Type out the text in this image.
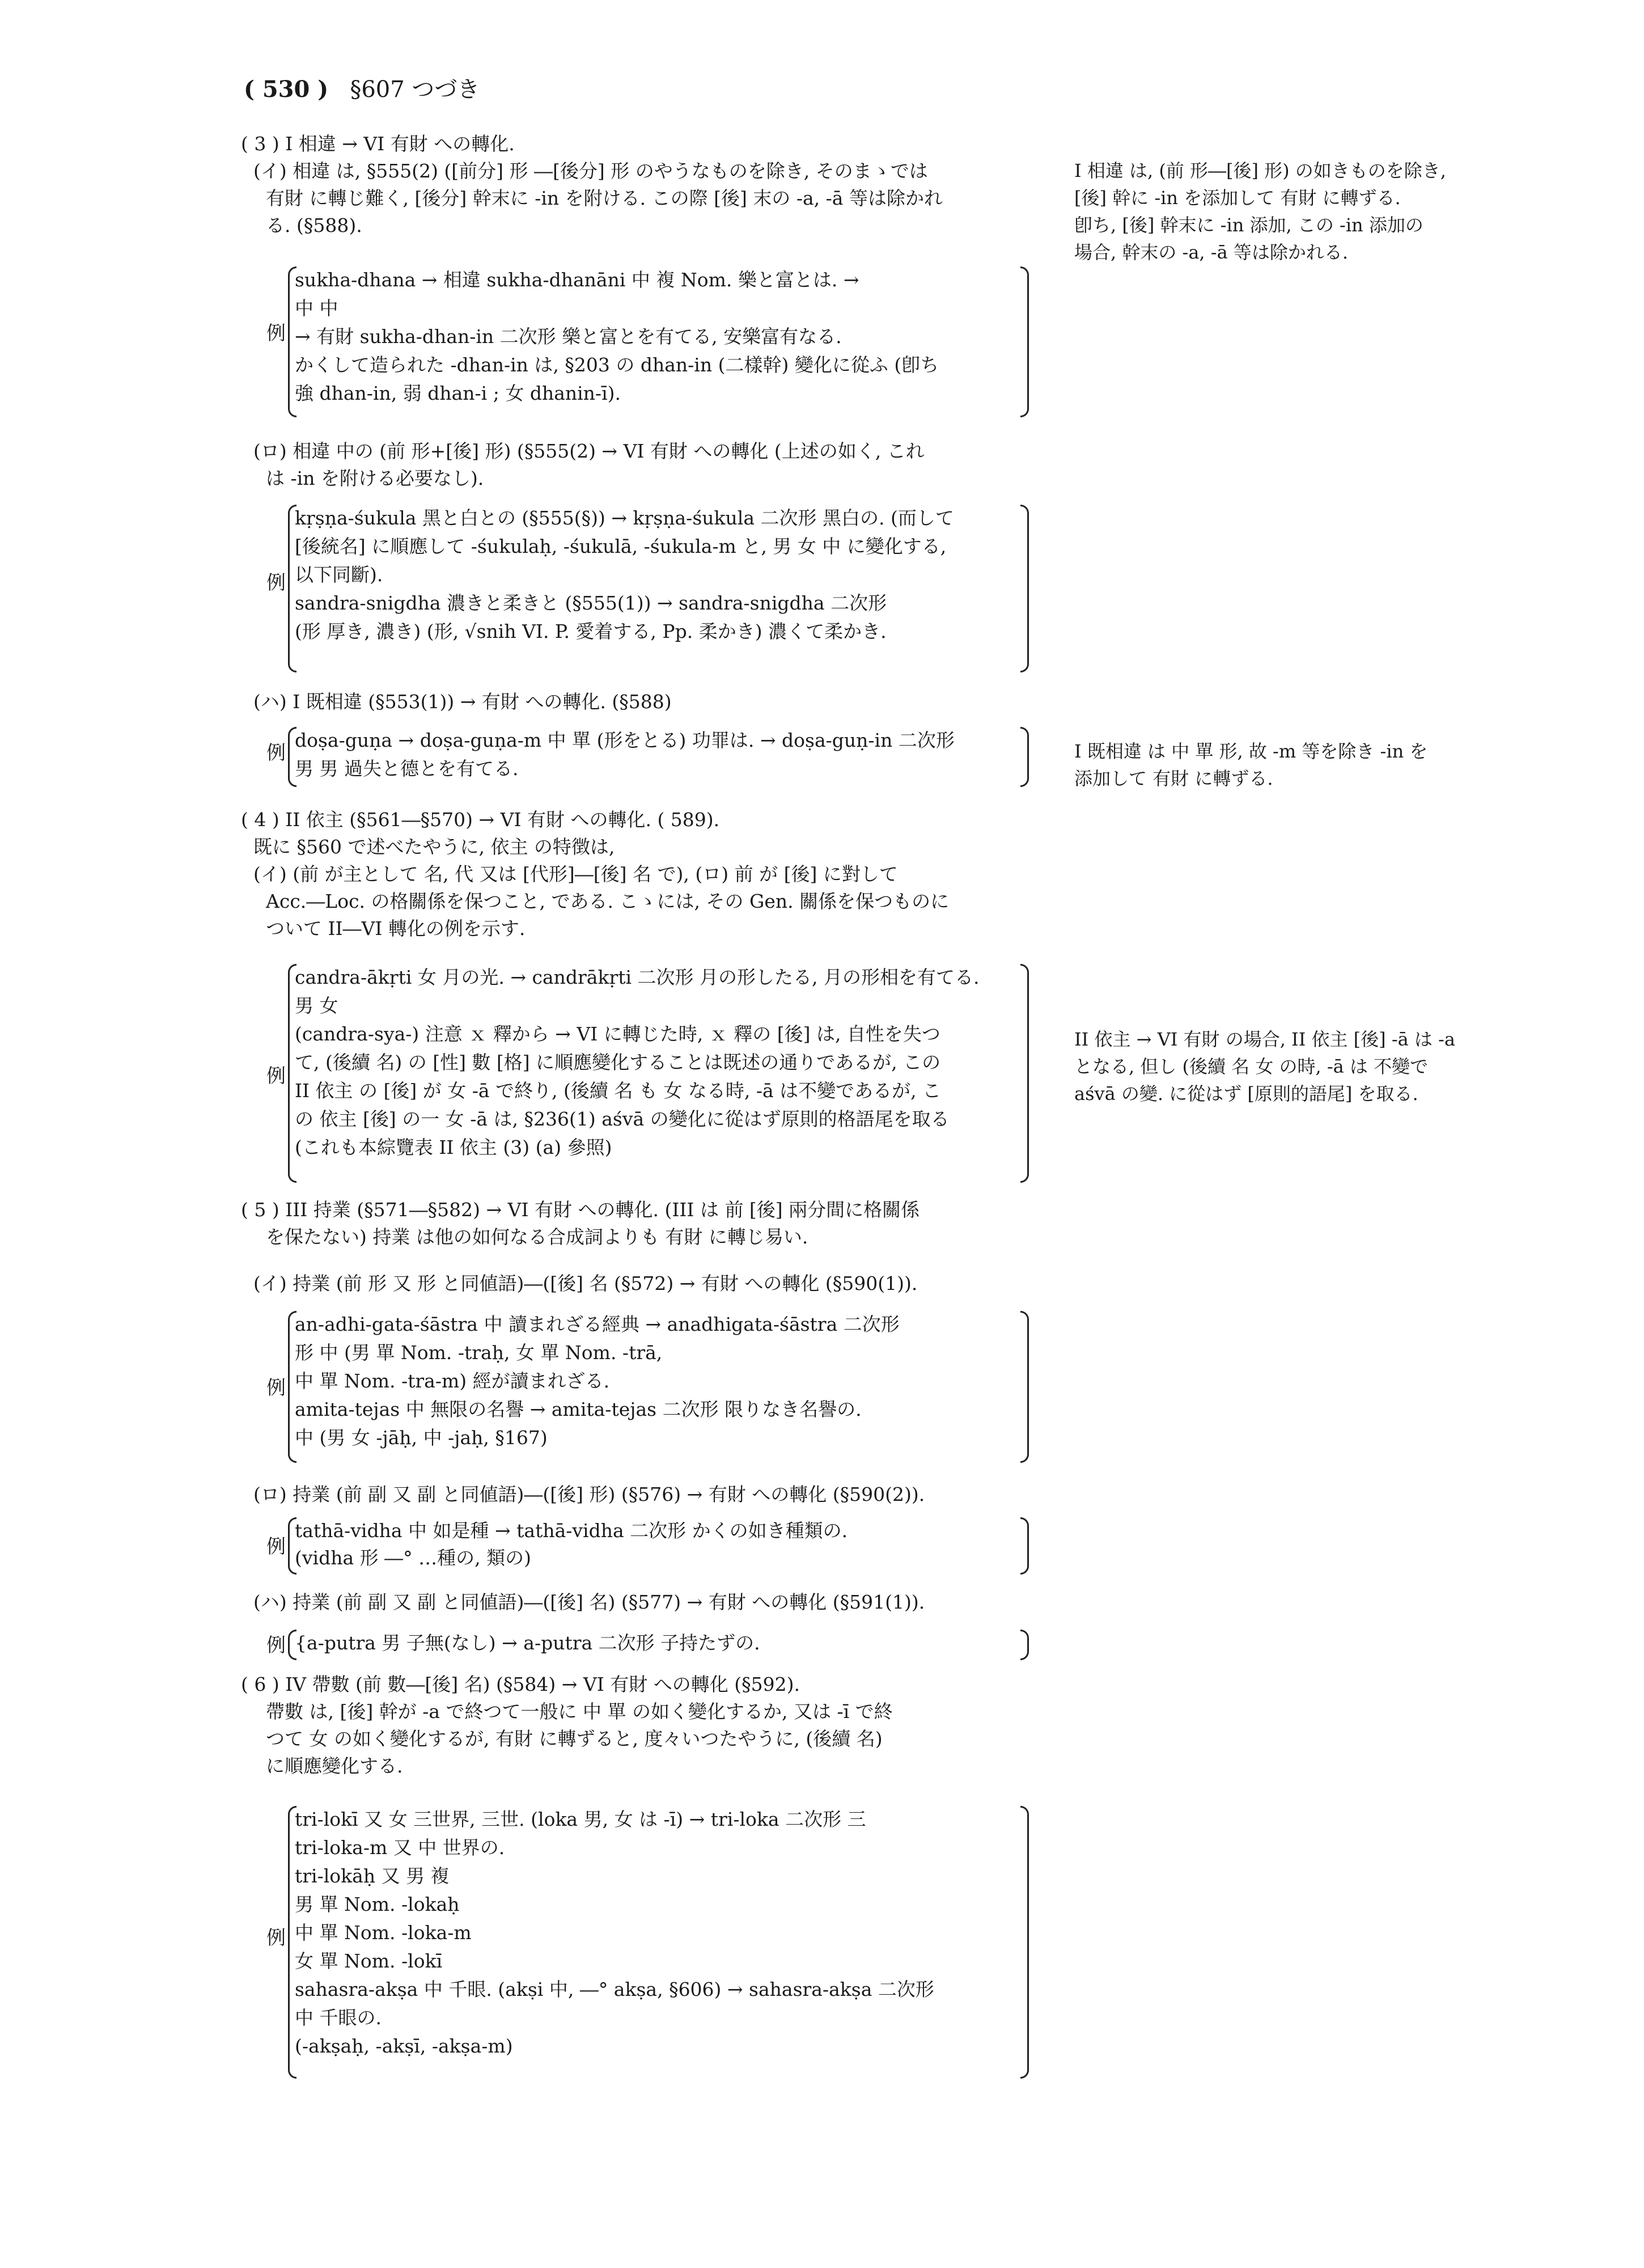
( 530 ) §607 つづき
( 3 ) I 相違 → VI 有財 への轉化.
(イ) 相違 は, §555(2) ([前分] 形 ―[後分] 形 のやうなものを除き, そのまゝでは
有財 に轉じ難く, [後分] 幹末に -in を附ける. この際 [後] 末の -a, -ā 等は除かれ
る. (§588).
(ロ) 相違 中の (前 形+[後] 形) (§555(2) → VI 有財 への轉化 (上述の如く, これ
は -in を附ける必要なし).
(ハ) I 既相違 (§553(1)) → 有財 への轉化. (§588)
( 4 ) II 依主 (§561―§570) → VI 有財 への轉化. ( 589).
既に §560 で述べたやうに, 依主 の特徴は,
(イ) (前 が主として 名, 代 又は [代形]―[後] 名 で), (ロ) 前 が [後] に對して
Acc.―Loc. の格關係を保つこと, である. こゝには, その Gen. 關係を保つものに
ついて II―VI 轉化の例を示す.
( 5 ) III 持業 (§571―§582) → VI 有財 への轉化. (III は 前 [後] 兩分間に格關係
を保たない) 持業 は他の如何なる合成詞よりも 有財 に轉じ易い.
(イ) 持業 (前 形 又 形 と同値語)―([後] 名 (§572) → 有財 への轉化 (§590(1)).
(ロ) 持業 (前 副 又 副 と同値語)―([後] 形) (§576) → 有財 への轉化 (§590(2)).
(ハ) 持業 (前 副 又 副 と同値語)―([後] 名) (§577) → 有財 への轉化 (§591(1)).
( 6 ) IV 帶數 (前 數―[後] 名) (§584) → VI 有財 への轉化 (§592).
帶數 は, [後] 幹が -a で終つて一般に 中 單 の如く變化するか, 又は -ī で終
つて 女 の如く變化するが, 有財 に轉ずると, 度々いつたやうに, (後續 名)
に順應變化する.
例
sukha-dhana → 相違 sukha-dhanāni 中 複 Nom. 樂と富とは. →
中 中
→ 有財 sukha-dhan-in 二次形 樂と富とを有てる, 安樂富有なる.
かくして造られた -dhan-in は, §203 の dhan-in (二樣幹) 變化に從ふ (卽ち
強 dhan-in, 弱 dhan-i ; 女 dhanin-ī).
例
kṛṣṇa-śukula 黑と白との (§555(§)) → kṛṣṇa-śukula 二次形 黑白の. (而して
[後統名] に順應して -śukulaḥ, -śukulā, -śukula-m と, 男 女 中 に變化する,
以下同斷).
sandra-snigdha 濃きと柔きと (§555(1)) → sandra-snigdha 二次形
(形 厚き, 濃き) (形, √snih VI. P. 愛着する, Pp. 柔かき) 濃くて柔かき.
例
doṣa-guṇa → doṣa-guṇa-m 中 單 (形をとる) 功罪は. → doṣa-guṇ-in 二次形
男 男 過失と德とを有てる.
例
candra-ākṛti 女 月の光. → candrākṛti 二次形 月の形したる, 月の形相を有てる.
男 女
(candra-sya-) 注意 ｘ 釋から → VI に轉じた時, ｘ 釋の [後] は, 自性を失つ
て, (後續 名) の [性] 數 [格] に順應變化することは既述の通りであるが, この
II 依主 の [後] が 女 -ā で終り, (後續 名 も 女 なる時, -ā は不變であるが, こ
の 依主 [後] の一 女 -ā は, §236(1) aśvā の變化に從はず原則的格語尾を取る
(これも本綜覽表 II 依主 (3) (a) 參照)
例
an-adhi-gata-śāstra 中 讀まれざる經典 → anadhigata-śāstra 二次形
形 中 (男 單 Nom. -traḥ, 女 單 Nom. -trā,
中 單 Nom. -tra-m) 經が讀まれざる.
amita-tejas 中 無限の名譽 → amita-tejas 二次形 限りなき名譽の.
中 (男 女 -jāḥ, 中 -jaḥ, §167)
例
tathā-vidha 中 如是種 → tathā-vidha 二次形 かくの如き種類の.
(vidha 形 ―° …種の, 類の)
例 {a-putra 男 子無(なし) → a-putra 二次形 子持たずの.
例
tri-lokī 又 女 三世界, 三世. (loka 男, 女 は -ī) → tri-loka 二次形 三
tri-loka-m 又 中 世界の.
tri-lokāḥ 又 男 複
男 單 Nom. -lokaḥ
中 單 Nom. -loka-m
女 單 Nom. -lokī
sahasra-akṣa 中 千眼. (akṣi 中, ―° akṣa, §606) → sahasra-akṣa 二次形
中 千眼の.
(-akṣaḥ, -akṣī, -akṣa-m)
I 相違 は, (前 形―[後] 形) の如きものを除き,
[後] 幹に -in を添加して 有財 に轉ずる.
卽ち, [後] 幹末に -in 添加, この -in 添加の
場合, 幹末の -a, -ā 等は除かれる.
I 既相違 は 中 單 形, 故 -m 等を除き -in を
添加して 有財 に轉ずる.
II 依主 → VI 有財 の場合, II 依主 [後] -ā は -a
となる, 但し (後續 名 女 の時, -ā は 不變で
aśvā の變. に從はず [原則的語尾] を取る.
